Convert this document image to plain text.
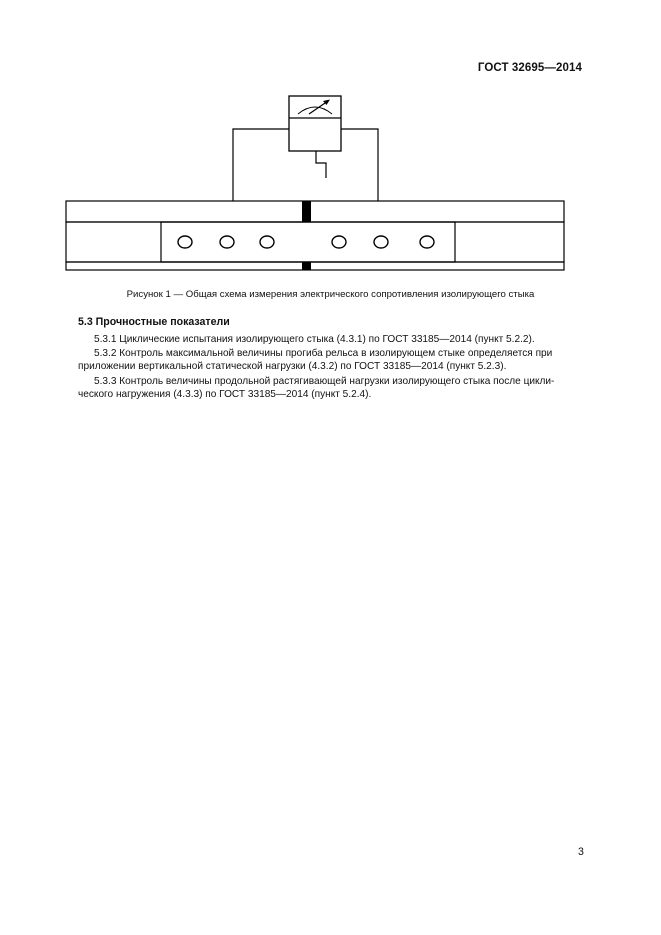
ГОСТ 32695—2014
Рисунок 1 — Общая схема измерения электрического сопротивления изолирующего стыка
5.3 Прочностные показатели
5.3.1 Циклические испытания изолирующего стыка (4.3.1) по ГОСТ 33185—2014 (пункт 5.2.2).
5.3.2 Контроль максимальной величины прогиба рельса в изолирующем стыке определяется при
приложении вертикальной статической нагрузки (4.3.2) по ГОСТ 33185—2014 (пункт 5.2.3).
5.3.3 Контроль величины продольной растягивающей нагрузки изолирующего стыка после цикли-
ческого нагружения (4.3.3) по ГОСТ 33185—2014 (пункт 5.2.4).
3
